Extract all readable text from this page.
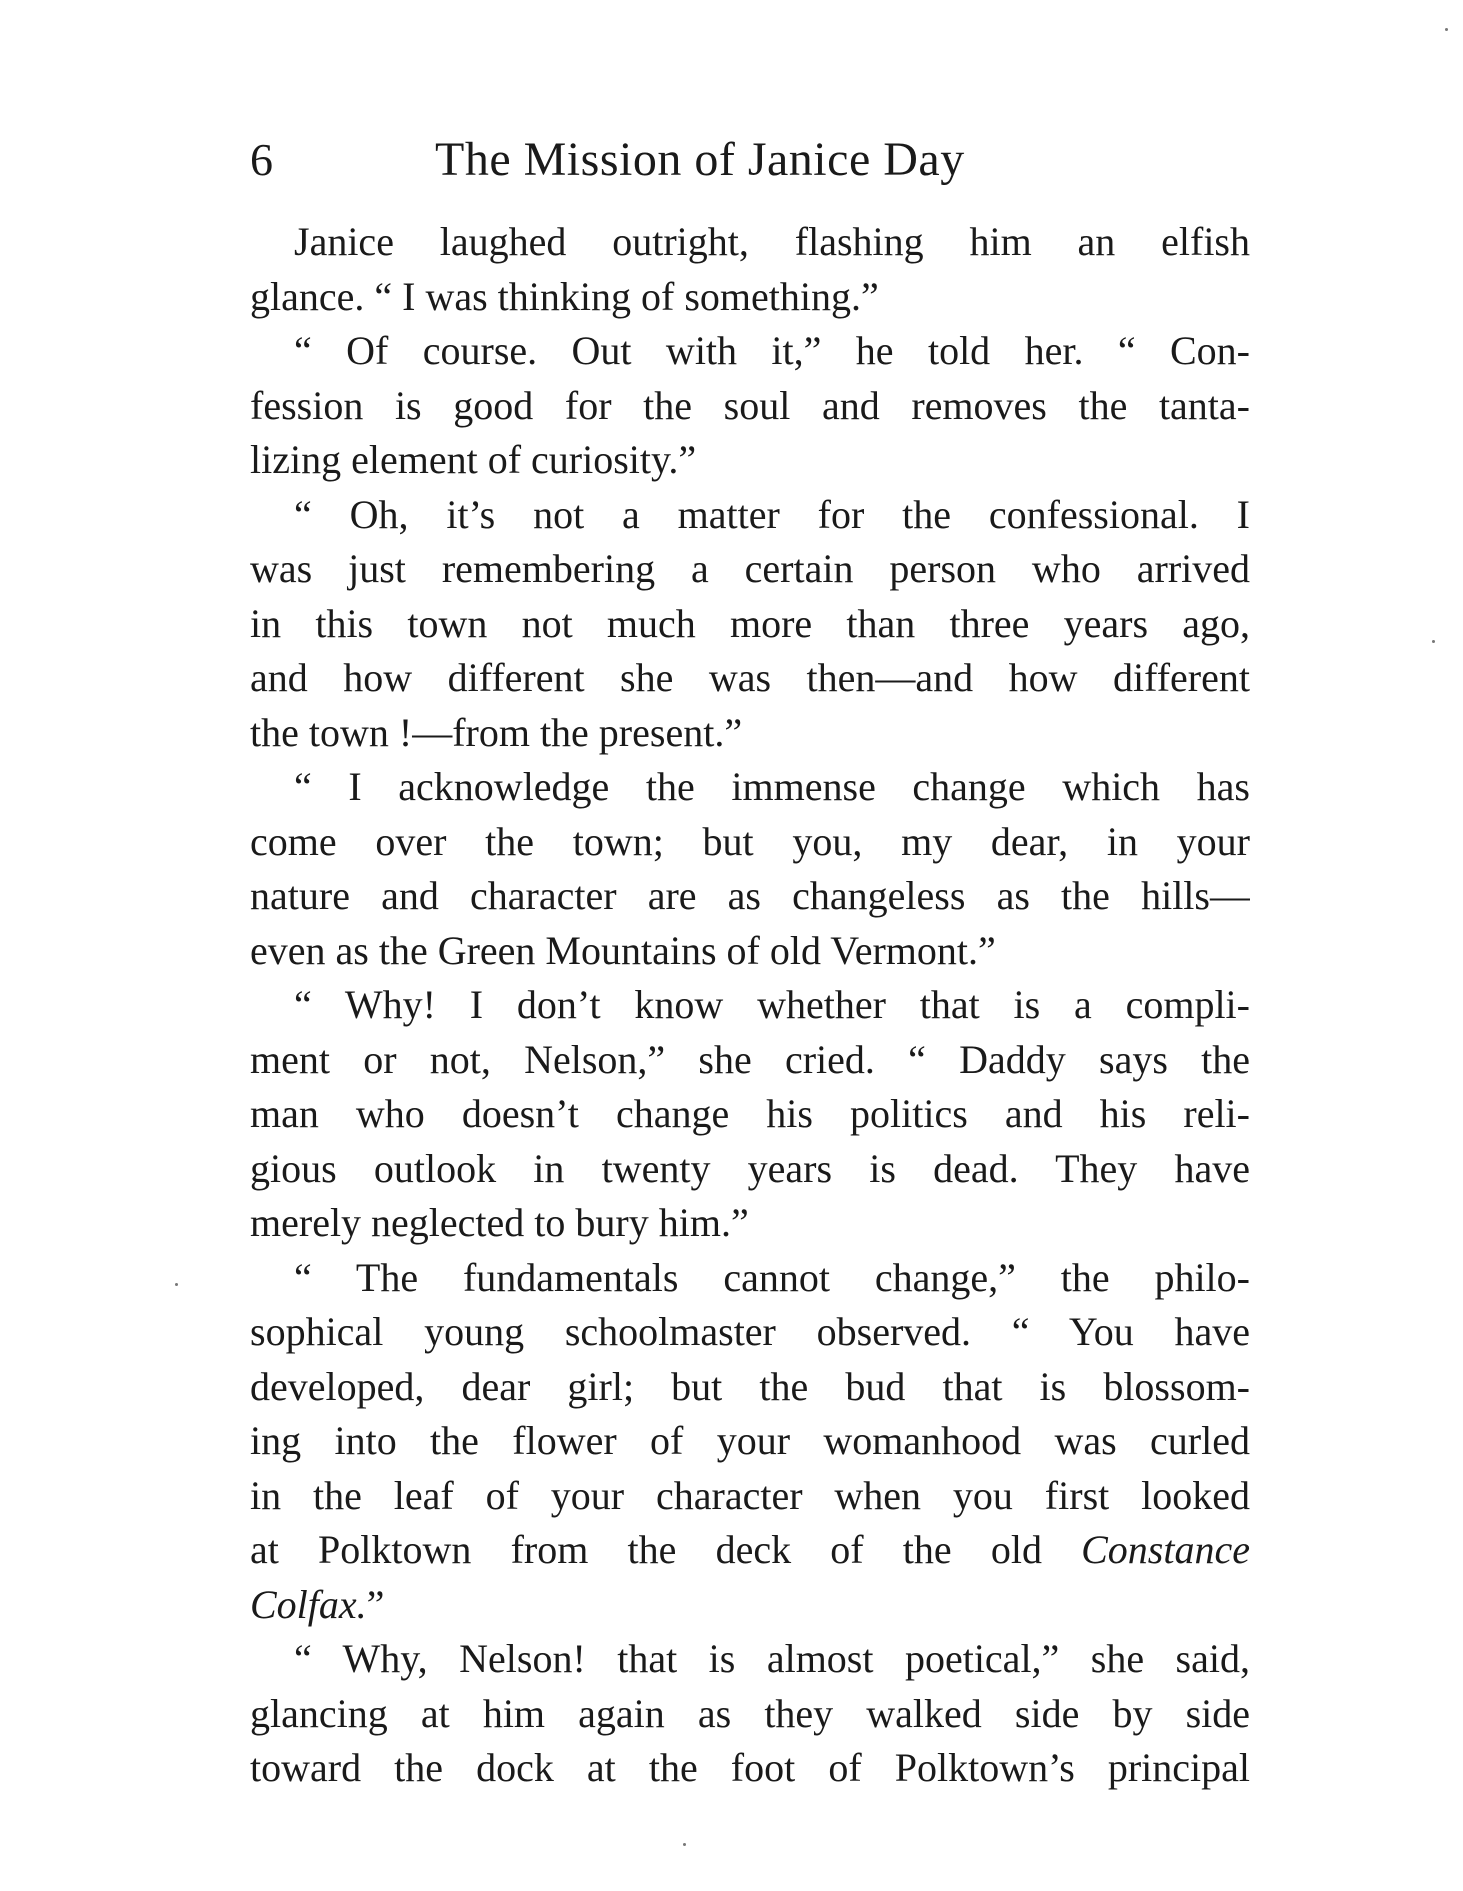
6	The Mission of Janice Day
Janice laughed outright, flashing him an elfish
glance. “ I was thinking of something.”
“ Of course. Out with it,” he told her. “ Con-
fession is good for the soul and removes the tanta-
lizing element of curiosity.”
“ Oh, it’s not a matter for the confessional. I
was just remembering a certain person who arrived
in this town not much more than three years ago,
and how different she was then—and how different
the town !—from the present.”
“ I acknowledge the immense change which has
come over the town; but you, my dear, in your
nature and character are as changeless as the hills—
even as the Green Mountains of old Vermont.”
“ Why! I don’t know whether that is a compli-
ment or not, Nelson,” she cried. “ Daddy says the
man who doesn’t change his politics and his reli-
gious outlook in twenty years is dead. They have
merely neglected to bury him.”
“ The fundamentals cannot change,” the philo-
sophical young schoolmaster observed. “ You have
developed, dear girl; but the bud that is blossom-
ing into the flower of your womanhood was curled
in the leaf of your character when you first looked
at Polktown from the deck of the old Constance
Colfax.”
“ Why, Nelson! that is almost poetical,” she said,
glancing at him again as they walked side by side
toward the dock at the foot of Polktown’s principal
